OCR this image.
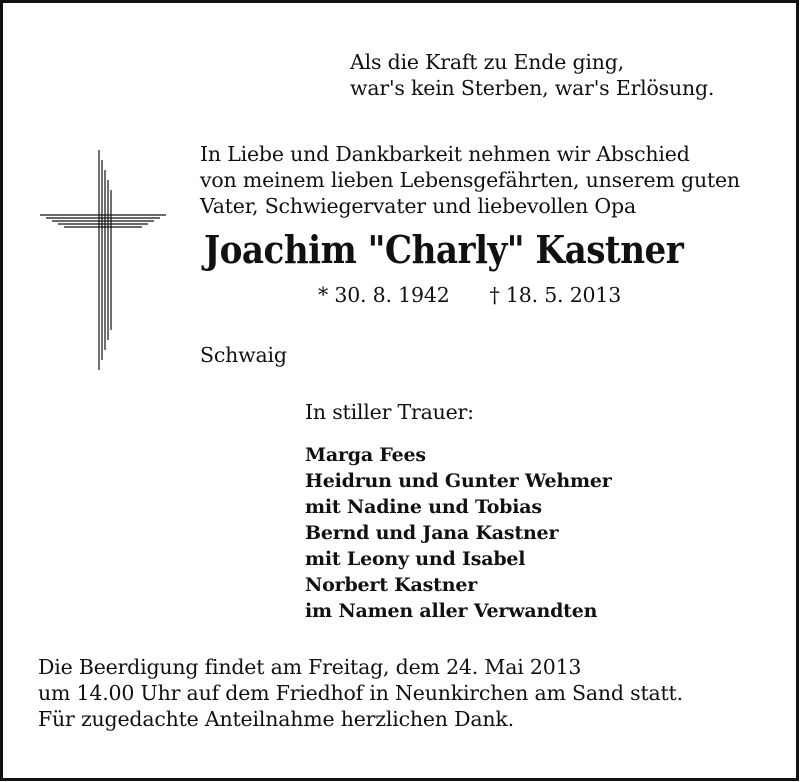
Als die Kraft zu Ende ging,
war's kein Sterben, war's Erlösung.
In Liebe und Dankbarkeit nehmen wir Abschied
von meinem lieben Lebensgefährten, unserem guten
Vater, Schwiegervater und liebevollen Opa
Joachim "Charly" Kastner
* 30. 8. 1942 † 18. 5. 2013
Schwaig
In stiller Trauer:
Marga Fees
Heidrun und Gunter Wehmer
mit Nadine und Tobias
Bernd und Jana Kastner
mit Leony und Isabel
Norbert Kastner
im Namen aller Verwandten
Die Beerdigung findet am Freitag, dem 24. Mai 2013
um 14.00 Uhr auf dem Friedhof in Neunkirchen am Sand statt.
Für zugedachte Anteilnahme herzlichen Dank.
